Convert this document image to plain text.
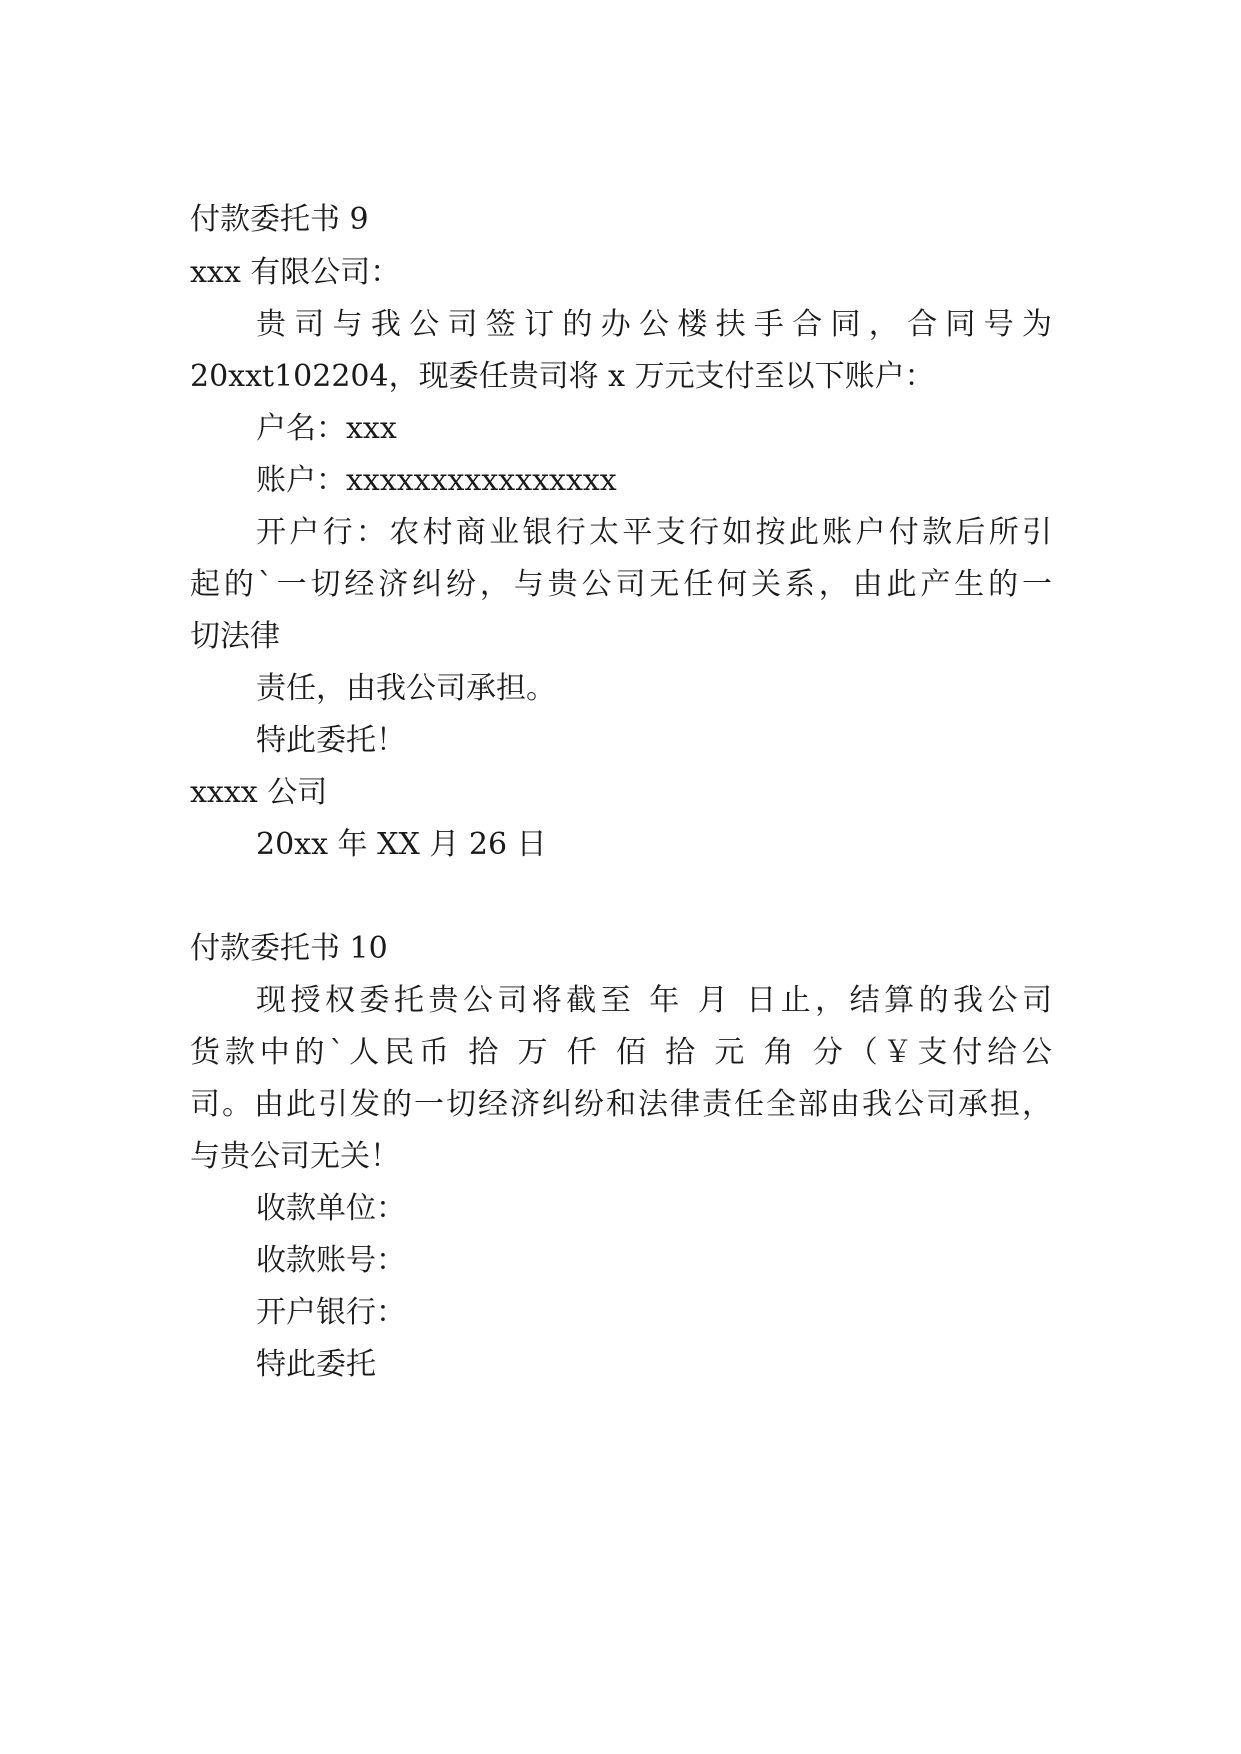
付款委托书 9
xxx 有限公司：
贵司与我公司签订的办公楼扶手合同，合同号为
20xxt102204，现委任贵司将 x 万元支付至以下账户：
户名：xxx
账户：xxxxxxxxxxxxxxxx
开户行：农村商业银行太平支行如按此账户付款后所引
起的`一切经济纠纷，与贵公司无任何关系，由此产生的一
切法律
责任，由我公司承担。
特此委托！
xxxx 公司
20xx 年 XX 月 26 日
付款委托书 10
现授权委托贵公司将截至 年 月 日止，结算的我公司
货款中的`人民币 拾 万 仟 佰 拾 元 角 分（￥支付给公
司。由此引发的一切经济纠纷和法律责任全部由我公司承担，
与贵公司无关！
收款单位：
收款账号：
开户银行：
特此委托
